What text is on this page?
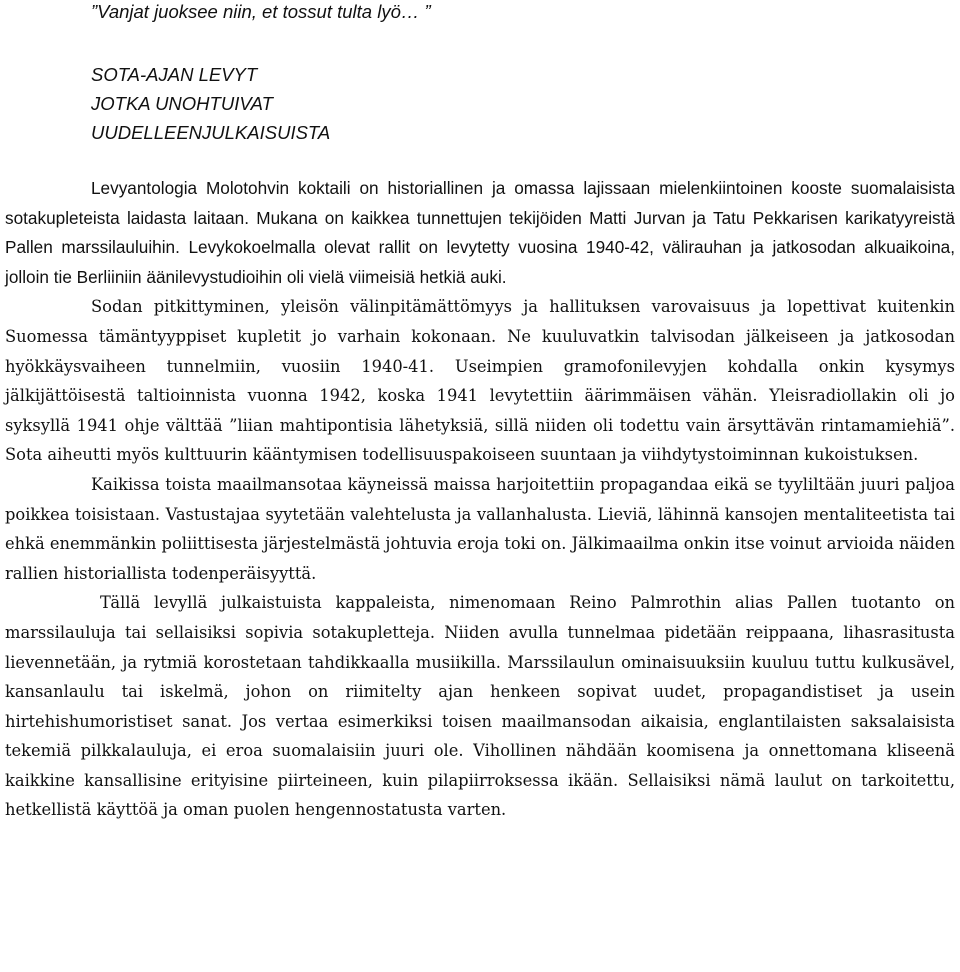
”Vanjat juoksee niin, et tossut tulta lyö… ”
SOTA-AJAN LEVYT
JOTKA UNOHTUIVAT
UUDELLEENJULKAISUISTA

Levyantologia Molotohvin koktaili on historiallinen ja omassa lajissaan mielenkiintoinen kooste suomalaisista sotakupleteista laidasta laitaan. Mukana on kaikkea tunnettujen tekijöiden Matti Jurvan ja Tatu Pekkarisen karikatyyreistä Pallen marssilauluihin. Levykokoelmalla olevat rallit on levytetty vuosina 1940-42, välirauhan ja jatkosodan alkuaikoina, jolloin tie Berliiniin äänilevystudioihin oli vielä viimeisiä hetkiä auki.

Sodan pitkittyminen, yleisön välinpitämättömyys ja hallituksen varovaisuus ja lopettivat kuitenkin Suomessa tämäntyyppiset kupletit jo varhain kokonaan. Ne kuuluvatkin talvisodan jälkeiseen ja jatkosodan hyökkäysvaiheen tunnelmiin, vuosiin 1940-41. Useimpien gramofonilevyjen kohdalla onkin kysymys jälkijättöisestä taltioinnista vuonna 1942, koska 1941 levytettiin äärimmäisen vähän. Yleisradiollakin oli jo syksyllä 1941 ohje välttää ”liian mahtipontisia lähetyksiä, sillä niiden oli todettu vain ärsyttävän rintamamiehiä”. Sota aiheutti myös kulttuurin kääntymisen todellisuuspakoiseen suuntaan ja viihdytystoiminnan kukoistuksen.

Kaikissa toista maailmansotaa käyneissä maissa harjoitettiin propagandaa eikä se tyyliltään juuri paljoa poikkea toisistaan. Vastustajaa syytetään valehtelusta ja vallanhalusta. Lieviä, lähinnä kansojen mentaliteetista tai ehkä enemmänkin poliittisesta järjestelmästä johtuvia eroja toki on. Jälkimaailma onkin itse voinut arvioida näiden rallien historiallista todenperäisyyttä.

Tällä levyllä julkaistuista kappaleista, nimenomaan Reino Palmrothin alias Pallen tuotanto on marssilauluja tai sellaisiksi sopivia sotakupletteja. Niiden avulla tunnelmaa pidetään reippaana, lihasrasitusta lievennetään, ja rytmiä korostetaan tahdikkaalla musiikilla. Marssilaulun ominaisuuksiin kuuluu tuttu kulkusävel, kansanlaulu tai iskelmä, johon on riimitelty ajan henkeen sopivat uudet, propagandistiset ja usein hirtehishumoristiset sanat. Jos vertaa esimerkiksi toisen maailmansodan aikaisia, englantilaisten saksalaisista tekemiä pilkkalauluja, ei eroa suomalaisiin juuri ole. Vihollinen nähdään koomisena ja onnettomana kliseenä kaikkine kansallisine erityisine piirteineen, kuin pilapiirroksessa ikään. Sellaisiksi nämä laulut on tarkoitettu, hetkellistä käyttöä ja oman puolen hengennostatusta varten.
